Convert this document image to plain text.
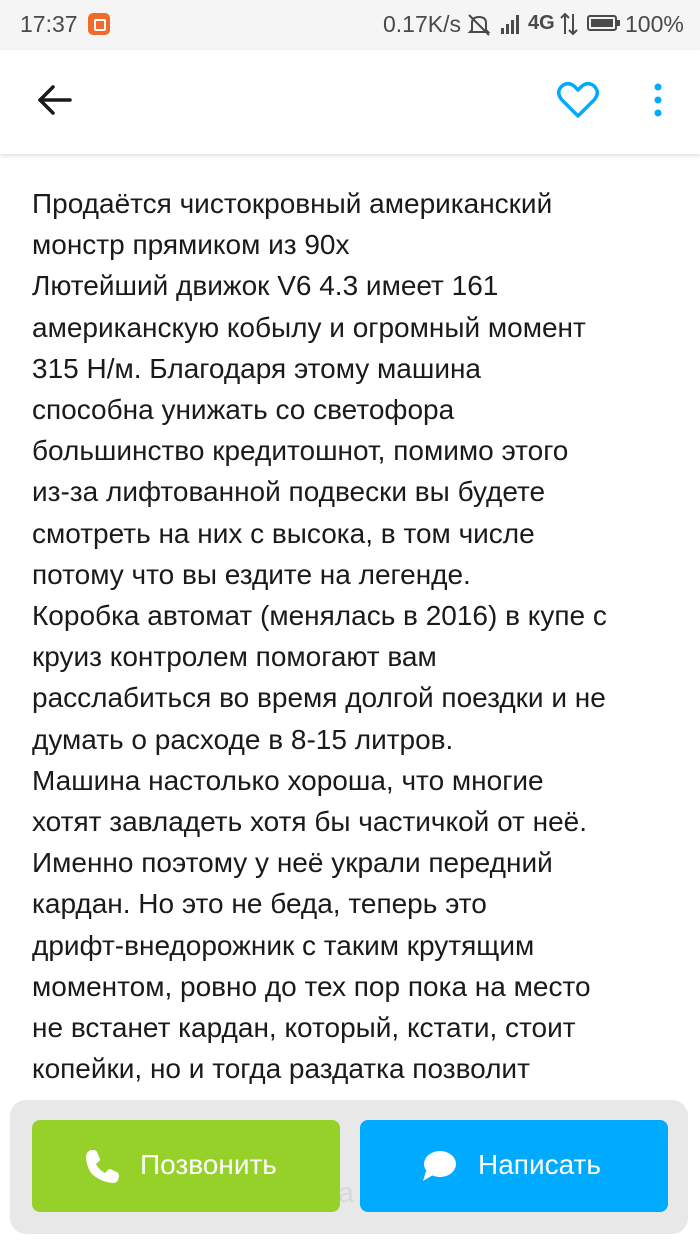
17:37	0.17K/s	4G	100%
Продаётся чистокровный американский
монстр прямиком из 90х
Лютейший движок V6 4.3 имеет 161
американскую кобылу и огромный момент
315 Н/м. Благодаря этому машина
способна унижать со светофора
большинство кредитошнот, помимо этого
из-за лифтованной подвески вы будете
смотреть на них с высока, в том числе
потому что вы ездите на легенде.
Коробка автомат (менялась в 2016) в купе с
круиз контролем помогают вам
расслабиться во время долгой поездки и не
думать о расходе в 8-15 литров.
Машина настолько хороша, что многие
хотят завладеть хотя бы частичкой от неё.
Именно поэтому у неё украли передний
кардан. Но это не беда, теперь это
дрифт-внедорожник с таким крутящим
моментом, ровно до тех пор пока на место
не встанет кардан, который, кстати, стоит
копейки, но и тогда раздатка позволит

Позвонить	Написать
